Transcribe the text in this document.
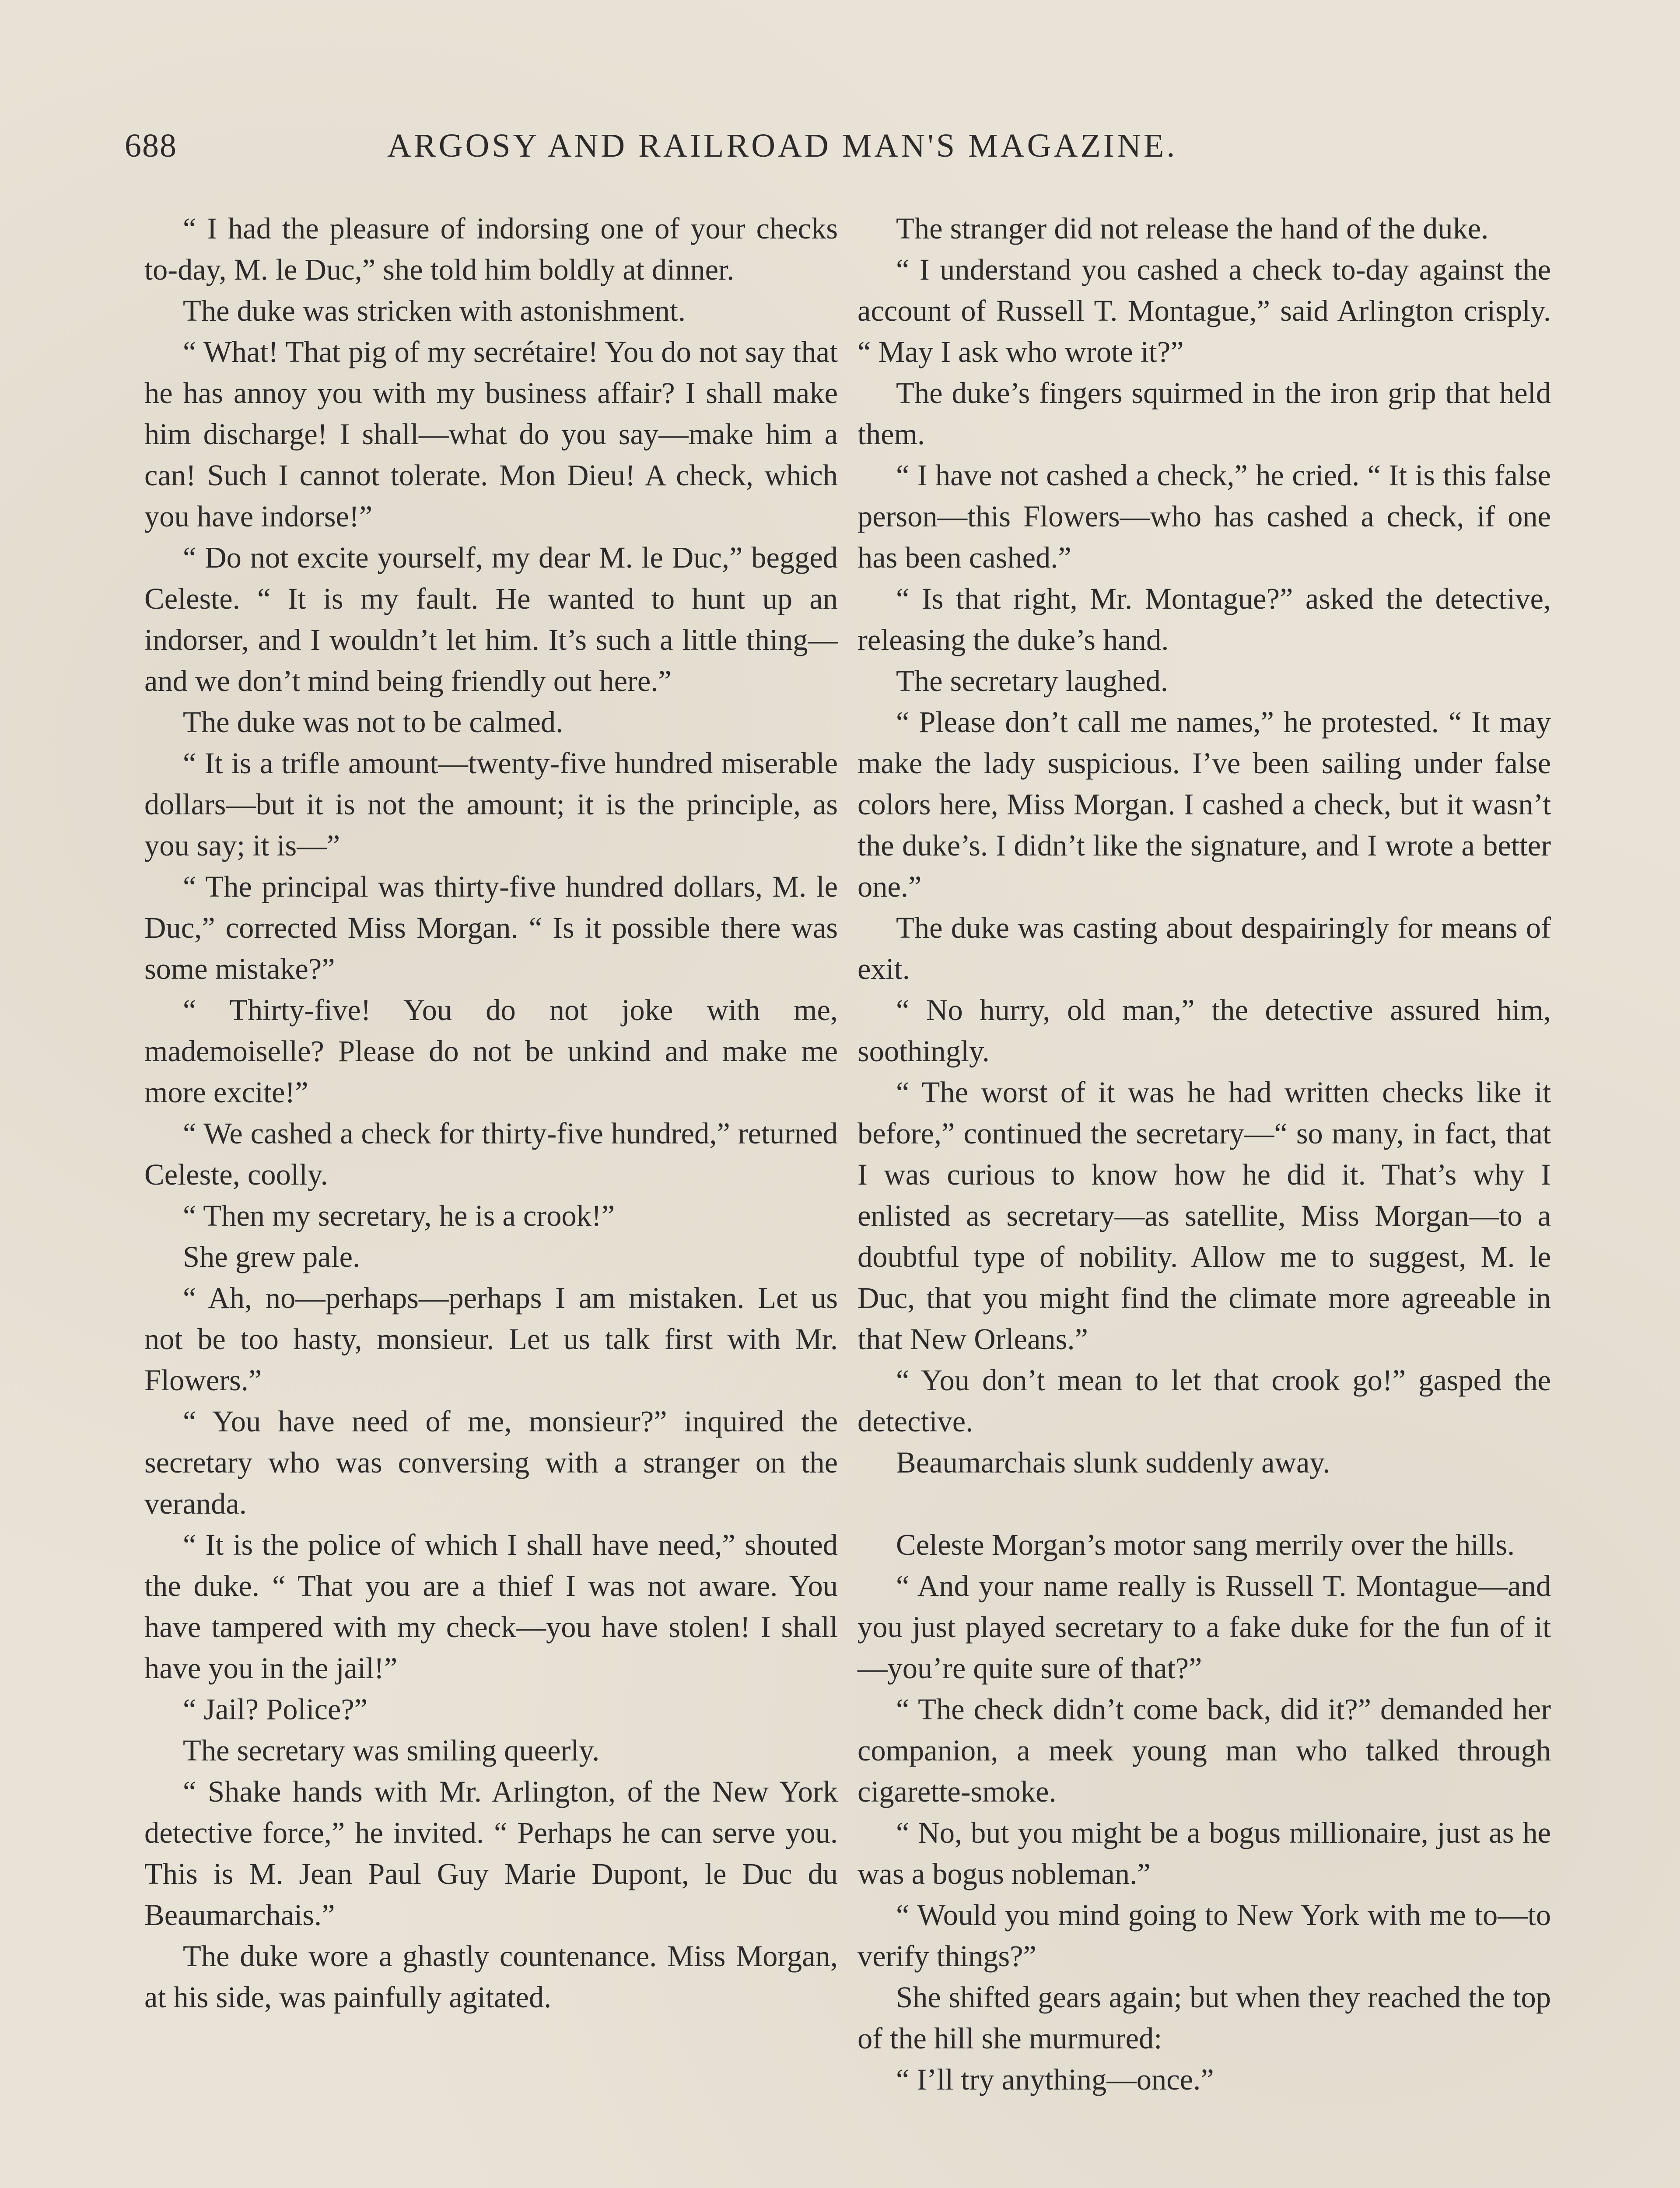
688	ARGOSY AND RAILROAD MAN'S MAGAZINE.

“ I had the pleasure of indorsing one of your checks to-day, M. le Duc,” she told him boldly at dinner.

The duke was stricken with astonishment.

“ What! That pig of my secrétaire! You do not say that he has annoy you with my business affair? I shall make him discharge! I shall—what do you say—make him a can! Such I cannot tolerate. Mon Dieu! A check, which you have indorse!”

“ Do not excite yourself, my dear M. le Duc,” begged Celeste. “ It is my fault. He wanted to hunt up an indorser, and I wouldn’t let him. It’s such a little thing—and we don’t mind being friendly out here.”

The duke was not to be calmed.

“ It is a trifle amount—twenty-five hundred miserable dollars—but it is not the amount; it is the principle, as you say; it is—”

“ The principal was thirty-five hundred dollars, M. le Duc,” corrected Miss Morgan. “ Is it possible there was some mistake?”

“ Thirty-five! You do not joke with me, mademoiselle? Please do not be unkind and make me more excite!”

“ We cashed a check for thirty-five hundred,” returned Celeste, coolly.

“ Then my secretary, he is a crook!”

She grew pale.

“ Ah, no—perhaps—perhaps I am mistaken. Let us not be too hasty, monsieur. Let us talk first with Mr. Flowers.”

“ You have need of me, monsieur?” inquired the secretary who was conversing with a stranger on the veranda.

“ It is the police of which I shall have need,” shouted the duke. “ That you are a thief I was not aware. You have tampered with my check—you have stolen! I shall have you in the jail!”

“ Jail? Police?”

The secretary was smiling queerly.

“ Shake hands with Mr. Arlington, of the New York detective force,” he invited. “ Perhaps he can serve you. This is M. Jean Paul Guy Marie Dupont, le Duc du Beaumarchais.”

The duke wore a ghastly countenance. Miss Morgan, at his side, was painfully agitated.

The stranger did not release the hand of the duke.

“ I understand you cashed a check to-day against the account of Russell T. Montague,” said Arlington crisply. “ May I ask who wrote it?”

The duke’s fingers squirmed in the iron grip that held them.

“ I have not cashed a check,” he cried. “ It is this false person—this Flowers—who has cashed a check, if one has been cashed.”

“ Is that right, Mr. Montague?” asked the detective, releasing the duke’s hand.

The secretary laughed.

“ Please don’t call me names,” he protested. “ It may make the lady suspicious. I’ve been sailing under false colors here, Miss Morgan. I cashed a check, but it wasn’t the duke’s. I didn’t like the signature, and I wrote a better one.”

The duke was casting about despairingly for means of exit.

“ No hurry, old man,” the detective assured him, soothingly.

“ The worst of it was he had written checks like it before,” continued the secretary—“ so many, in fact, that I was curious to know how he did it. That’s why I enlisted as secretary—as satellite, Miss Morgan—to a doubtful type of nobility. Allow me to suggest, M. le Duc, that you might find the climate more agreeable in that New Orleans.”

“ You don’t mean to let that crook go!” gasped the detective.

Beaumarchais slunk suddenly away.

Celeste Morgan’s motor sang merrily over the hills.

“ And your name really is Russell T. Montague—and you just played secretary to a fake duke for the fun of it—you’re quite sure of that?”

“ The check didn’t come back, did it?” demanded her companion, a meek young man who talked through cigarette-smoke.

“ No, but you might be a bogus millionaire, just as he was a bogus nobleman.”

“ Would you mind going to New York with me to—to verify things?”

She shifted gears again; but when they reached the top of the hill she murmured:

“ I’ll try anything—once.”
